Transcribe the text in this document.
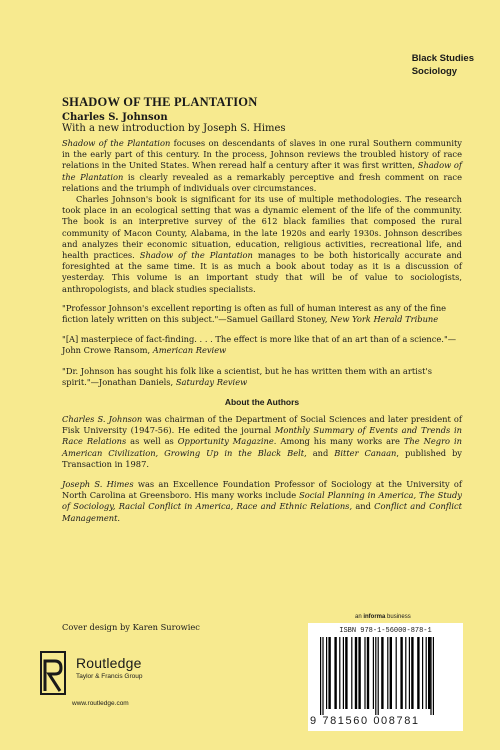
Black Studies
Sociology
SHADOW OF THE PLANTATION
Charles S. Johnson
With a new introduction by Joseph S. Himes

Shadow of the Plantation focuses on descendants of slaves in one rural Southern community in the early part of this century. In the process, Johnson reviews the troubled history of race relations in the United States. When reread half a century after it was first written, Shadow of the Plantation is clearly revealed as a remarkably perceptive and fresh comment on race relations and the triumph of individuals over circumstances.

Charles Johnson's book is significant for its use of multiple methodologies. The research took place in an ecological setting that was a dynamic element of the life of the community. The book is an interpretive survey of the 612 black families that composed the rural community of Macon County, Alabama, in the late 1920s and early 1930s. Johnson describes and analyzes their economic situation, education, religious activities, recreational life, and health practices. Shadow of the Plantation manages to be both historically accurate and foresighted at the same time. It is as much a book about today as it is a discussion of yesterday. This volume is an important study that will be of value to sociologists, anthropologists, and black studies specialists.

"Professor Johnson's excellent reporting is often as full of human interest as any of the fine fiction lately written on this subject."—Samuel Gaillard Stoney, New York Herald Tribune

"[A] masterpiece of fact-finding. . . . The effect is more like that of an art than of a science."—John Crowe Ransom, American Review

"Dr. Johnson has sought his folk like a scientist, but he has written them with an artist's spirit."—Jonathan Daniels, Saturday Review

About the Authors

Charles S. Johnson was chairman of the Department of Social Sciences and later president of Fisk University (1947-56). He edited the journal Monthly Summary of Events and Trends in Race Relations as well as Opportunity Magazine. Among his many works are The Negro in American Civilization, Growing Up in the Black Belt, and Bitter Canaan, published by Transaction in 1987.

Joseph S. Himes was an Excellence Foundation Professor of Sociology at the University of North Carolina at Greensboro. His many works include Social Planning in America, The Study of Sociology, Racial Conflict in America, Race and Ethnic Relations, and Conflict and Conflict Management.

Cover design by Karen Surowiec
Routledge
Taylor & Francis Group
www.routledge.com
an informa business
ISBN 978-1-56000-878-1
9 781560 008781
